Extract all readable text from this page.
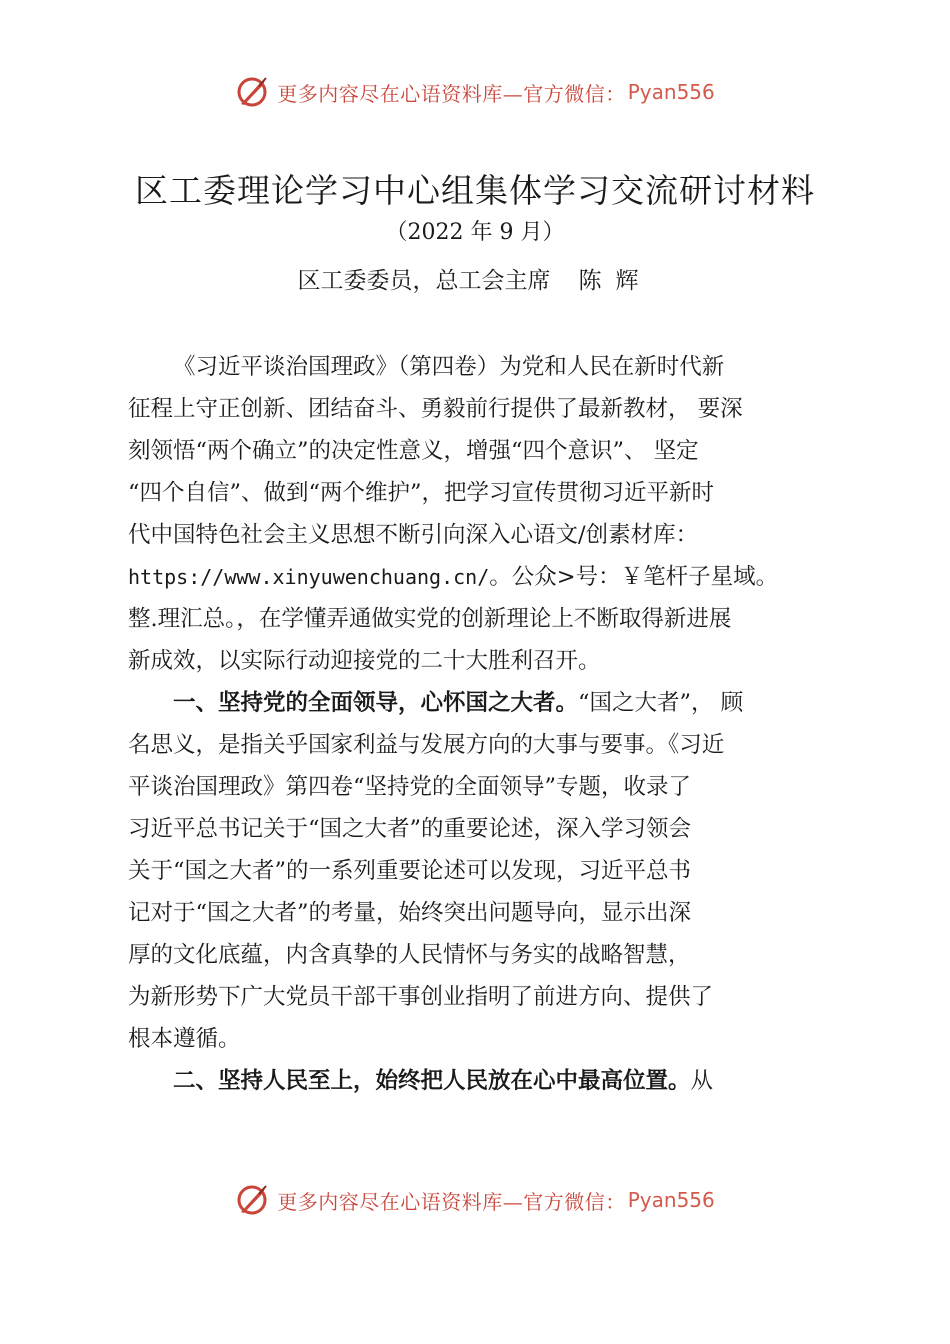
更多内容尽在心语资料库—官方微信： Pyan556
区工委理论学习中心组集体学习交流研讨材料
（2022 年 9 月）
区工委委员，总工会主席 陈辉

《习近平谈治国理政》（第四卷）为党和人民在新时代新

征程上守正创新、团结奋斗、勇毅前行提供了最新教材， 要深

刻领悟“两个确立”的决定性意义，增强“四个意识”、 坚定

“四个自信”、做到“两个维护”，把学习宣传贯彻习近平新时

代中国特色社会主义思想不断引向深入心语文/创素材库：

https://www.xinyuwenchuang.cn/。公众>号：￥笔杆子星域。

整.理汇总。，在学懂弄通做实党的创新理论上不断取得新进展

新成效，以实际行动迎接党的二十大胜利召开。

一、坚持党的全面领导，心怀国之大者。“国之大者”， 顾

名思义，是指关乎国家利益与发展方向的大事与要事。《习近

平谈治国理政》第四卷“坚持党的全面领导”专题，收录了

习近平总书记关于“国之大者”的重要论述，深入学习领会

关于“国之大者”的一系列重要论述可以发现，习近平总书

记对于“国之大者”的考量，始终突出问题导向，显示出深

厚的文化底蕴，内含真挚的人民情怀与务实的战略智慧，

为新形势下广大党员干部干事创业指明了前进方向、提供了

根本遵循。

二、坚持人民至上，始终把人民放在心中最高位置。从

更多内容尽在心语资料库—官方微信： Pyan556
